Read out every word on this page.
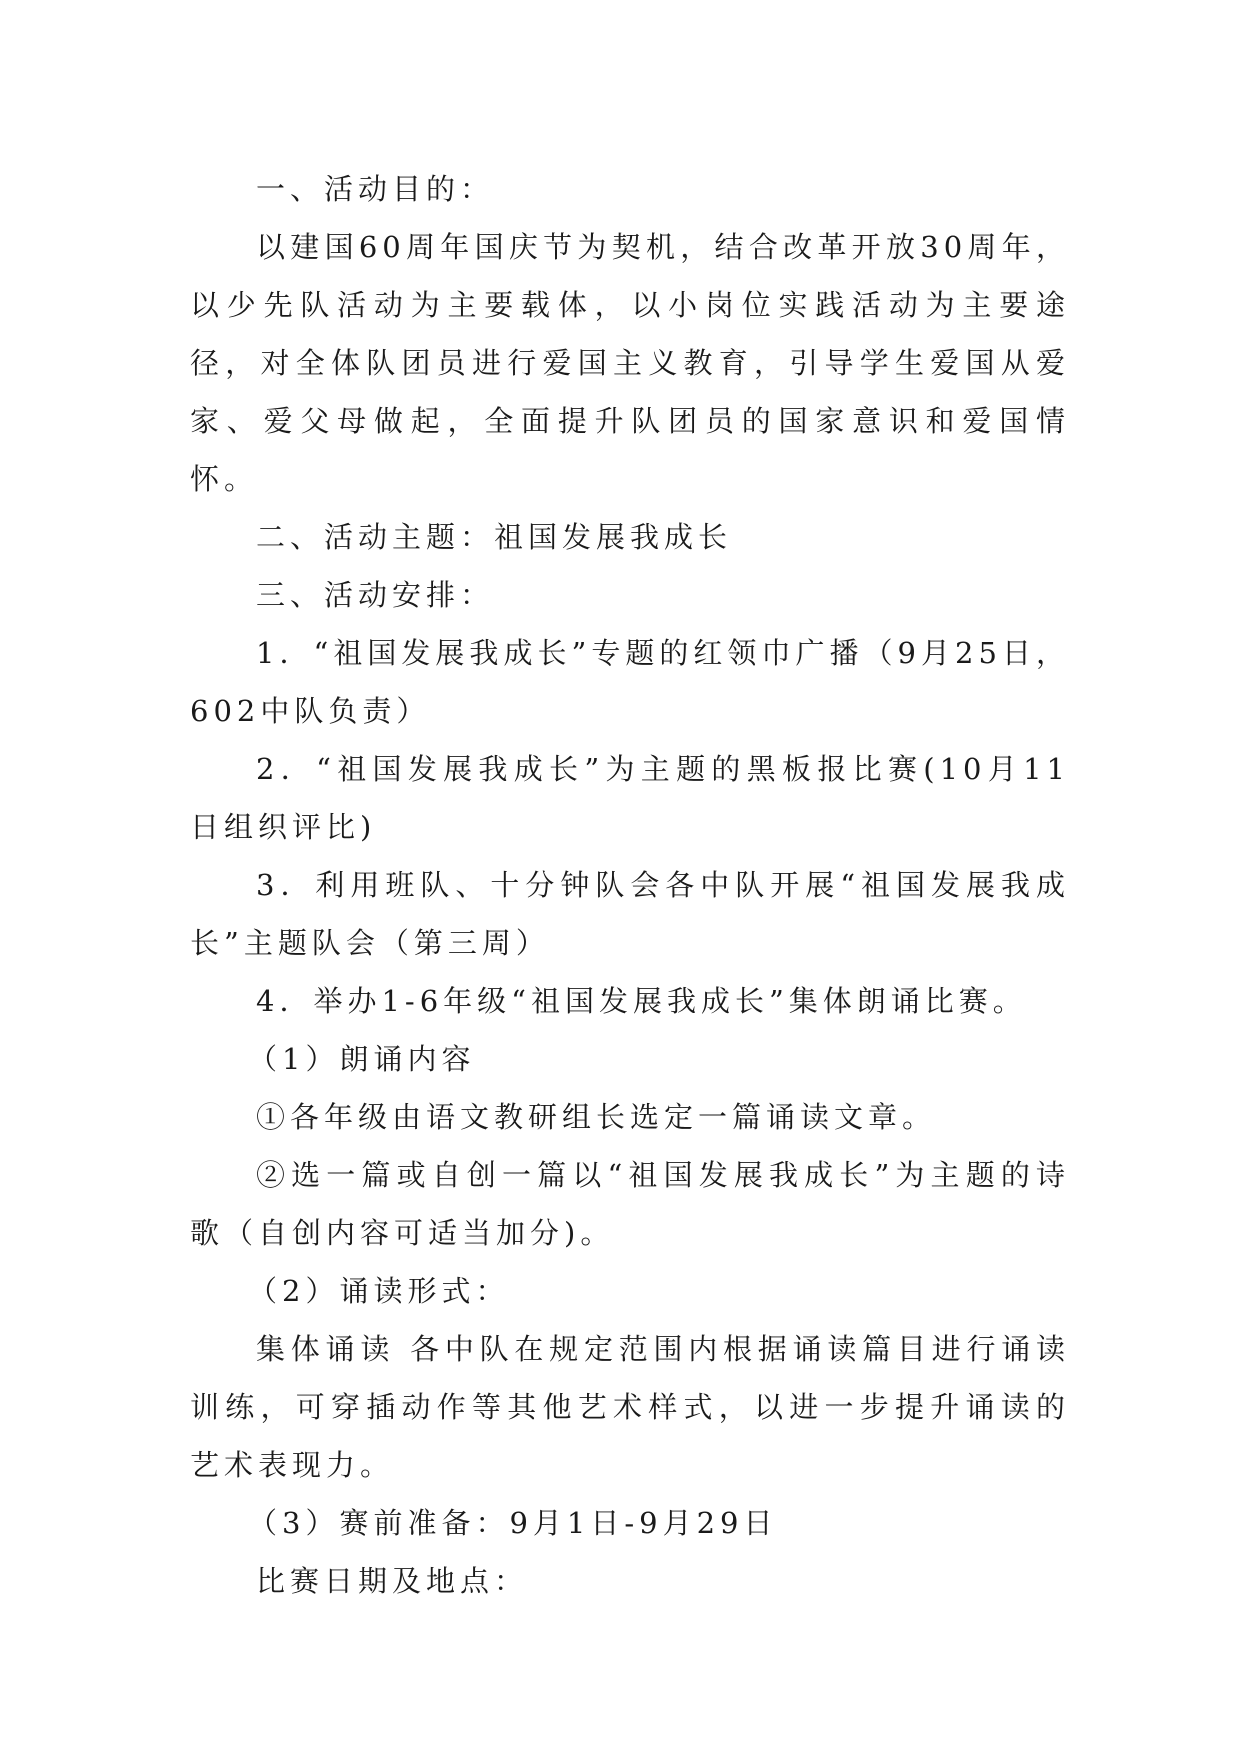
一、活动目的：

以建国60周年国庆节为契机，结合改革开放30周年，以少先队活动为主要载体，以小岗位实践活动为主要途径，对全体队团员进行爱国主义教育，引导学生爱国从爱家、爱父母做起，全面提升队团员的国家意识和爱国情怀。

二、活动主题：祖国发展我成长

三、活动安排：

1．“祖国发展我成长”专题的红领巾广播（9月25日，602中队负责）

2．“祖国发展我成长”为主题的黑板报比赛(10月11日组织评比)

3．利用班队、十分钟队会各中队开展“祖国发展我成长”主题队会（第三周）

4．举办1-6年级“祖国发展我成长”集体朗诵比赛。

（1）朗诵内容

①各年级由语文教研组长选定一篇诵读文章。

②选一篇或自创一篇以“祖国发展我成长”为主题的诗歌（自创内容可适当加分)。

（2）诵读形式：

集体诵读 各中队在规定范围内根据诵读篇目进行诵读训练，可穿插动作等其他艺术样式，以进一步提升诵读的艺术表现力。

（3）赛前准备：9月1日-9月29日

比赛日期及地点：
